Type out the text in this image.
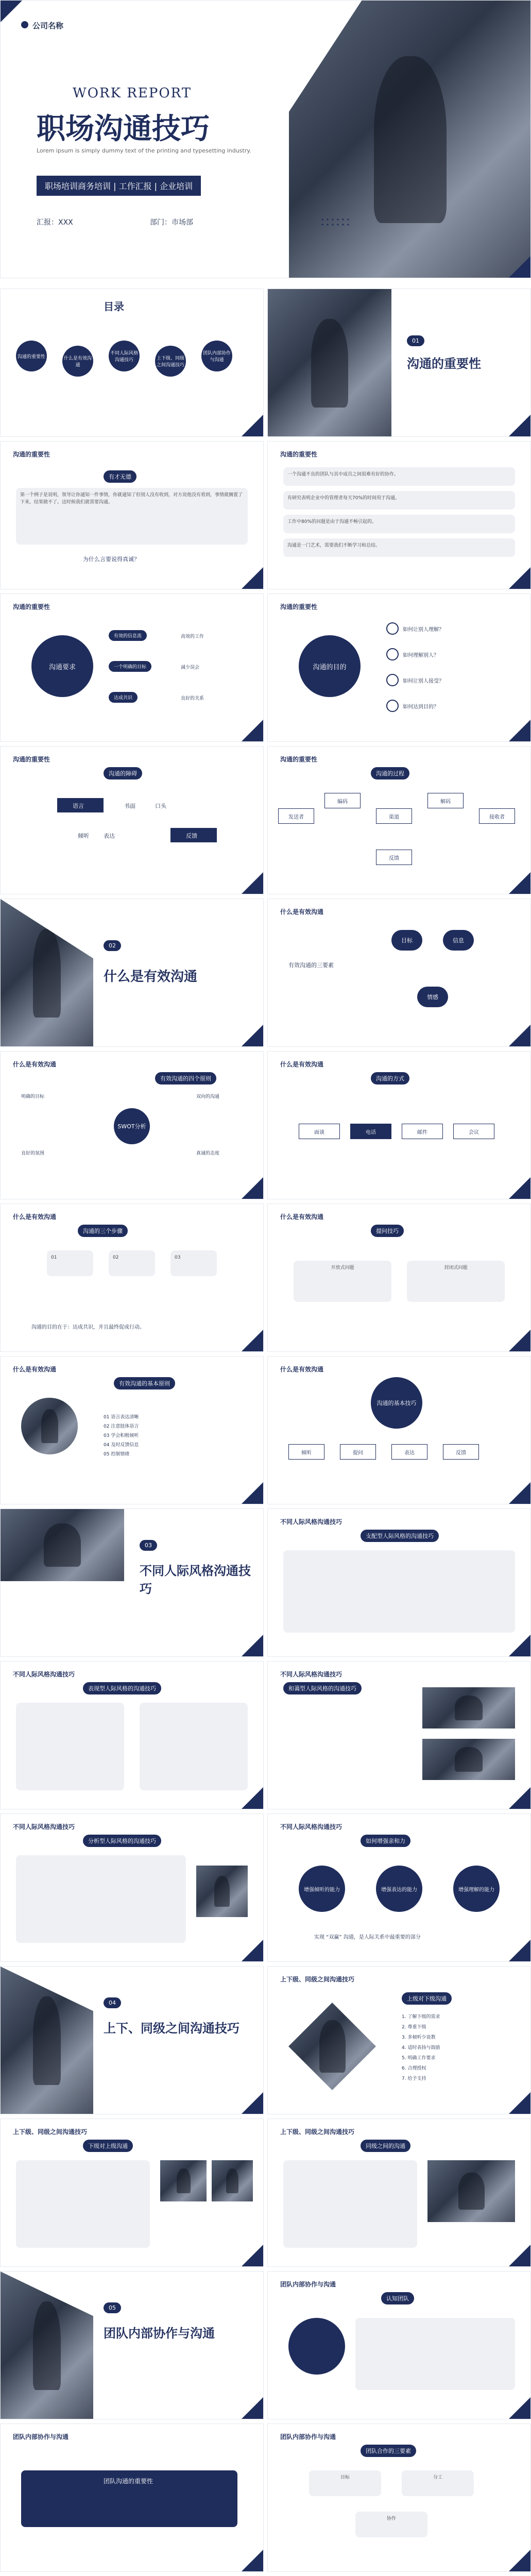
公司名称
WORK REPORT
职场沟通技巧
Lorem ipsum is simply dummy text of the printing and typesetting industry.
职场培训商务培训 | 工作汇报 | 企业培训
汇报：XXX	部门：市场部
目录
沟通的重要性	什么是有效沟通
不同人际风格沟通技巧	上下级、同级之间沟通技巧
团队内部协作与沟通
01
沟通的重要性
沟通的重要性
有才无德
第一个例子是说明，领导让你通知一件事情，你就通知了但别人没有收到，对方说他没有看到，事情就搁置了下来，结果做不了。这时候我们就需要沟通。
为什么言要说得真诚？
沟通的重要性
一个沟通不良的团队与其中成员之间很难有好的协作。
有研究表明企业中的管理者每天70%的时间用于沟通。
工作中80%的问题是由于沟通不畅引起的。
沟通是一门艺术，需要我们不断学习和总结。
沟通的重要性
沟通要求
有效的信息流
一个明确的目标
达成共识
高效的工作
减少误会
良好的关系
沟通的重要性
沟通的目的
如何让别人理解？
如何理解别人？
如何让别人接受？
如何达到目的？
沟通的重要性
沟通的障碍
语言	书面	口头
倾听	表达	反馈
沟通的重要性
沟通的过程
发送者
编码
渠道
解码
接收者
反馈
02
什么是有效沟通
什么是有效沟通
有效沟通的三要素
目标	信息
情感
什么是有效沟通
有效沟通的四个原则
SWOT分析
明确的目标
良好的氛围
双向的沟通
真诚的态度
什么是有效沟通
沟通的方式
面谈	电话	邮件	会议
什么是有效沟通
沟通的三个步骤
01	02	03
沟通的目的在于：达成共识，并且最终促成行动。
什么是有效沟通
提问技巧
开放式问题	封闭式问题
什么是有效沟通
有效沟通的基本原则
01 语言表达清晰
02 注意肢体语言
03 学会积极倾听
04 及时反馈信息
05 控制情绪
什么是有效沟通
沟通的基本技巧
倾听	提问	表达	反馈
03
不同人际风格沟通技巧
不同人际风格沟通技巧
支配型人际风格的沟通技巧
不同人际风格沟通技巧
表现型人际风格的沟通技巧
不同人际风格沟通技巧
和蔼型人际风格的沟通技巧
不同人际风格沟通技巧
分析型人际风格的沟通技巧
不同人际风格沟通技巧
如何增强亲和力
增强倾听的能力	增强表达的能力	增强理解的能力
实现 “双赢” 沟通，是人际关系中最重要的部分
04
上下、同级之间沟通技巧
上下级、同级之间沟通技巧
上级对下级沟通
1. 了解下级的需求
2. 尊重下级
3. 多倾听少说教
4. 适时表扬与鼓励
5. 明确工作要求
6. 合理授权
7. 给予支持
上下级、同级之间沟通技巧
下级对上级沟通
上下级、同级之间沟通技巧
同级之间的沟通
05
团队内部协作与沟通
团队内部协作与沟通
认知团队
团队内部协作与沟通
团队沟通的重要性
团队内部协作与沟通
团队合作的三要素
目标	分工
协作
